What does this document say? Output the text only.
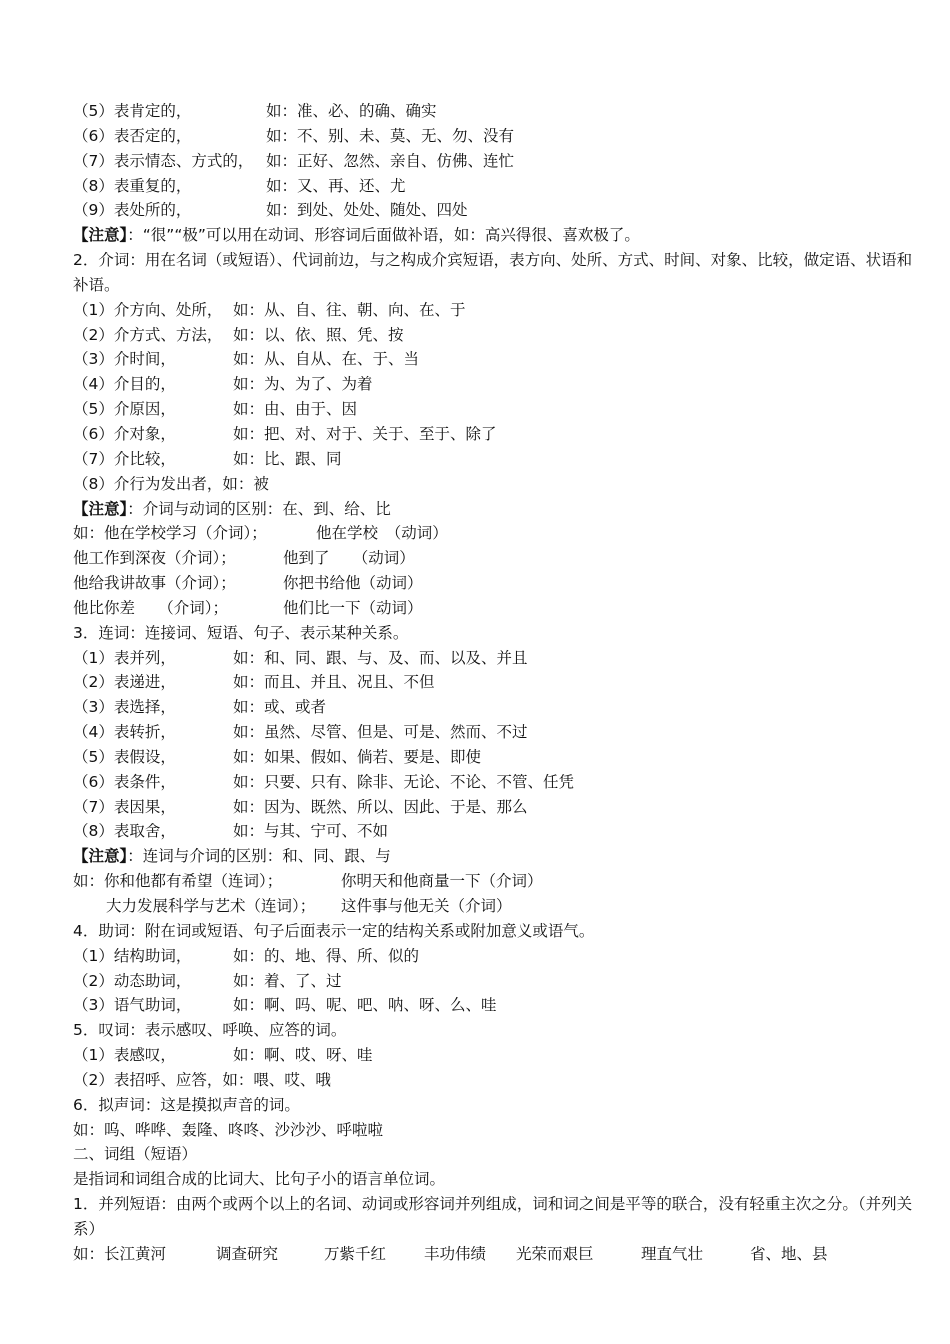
（5）表肯定的，	如：准、必、的确、确实
（6）表否定的，	如：不、别、未、莫、无、勿、没有
（7）表示情态、方式的， 如：正好、忽然、亲自、仿佛、连忙
（8）表重复的，	如：又、再、还、尤
（9）表处所的，	如：到处、处处、随处、四处
【注意】：“很”“极”可以用在动词、形容词后面做补语，如：高兴得很、喜欢极了。
2．介词：用在名词（或短语）、代词前边，与之构成介宾短语，表方向、处所、方式、时间、对象、比较，做定语、状语和补语。
（1）介方向、处所， 如：从、自、往、朝、向、在、于
（2）介方式、方法， 如：以、依、照、凭、按
（3）介时间，	如：从、自从、在、于、当
（4）介目的，	如：为、为了、为着
（5）介原因，	如：由、由于、因
（6）介对象，	如：把、对、对于、关于、至于、除了
（7）介比较，	如：比、跟、同
（8）介行为发出者，如：被
【注意】：介词与动词的区别：在、到、给、比
如：他在学校学习（介词）；	他在学校　（动词）
他工作到深夜（介词）；	他到了　　（动词）
他给我讲故事（介词）；	你把书给他（动词）
他比你差　　（介词）；	他们比一下（动词）
3．连词：连接词、短语、句子、表示某种关系。
（1）表并列，	如：和、同、跟、与、及、而、以及、并且
（2）表递进，	如：而且、并且、况且、不但
（3）表选择，	如：或、或者
（4）表转折，	如：虽然、尽管、但是、可是、然而、不过
（5）表假设，	如：如果、假如、倘若、要是、即使
（6）表条件，	如：只要、只有、除非、无论、不论、不管、任凭
（7）表因果，	如：因为、既然、所以、因此、于是、那么
（8）表取舍，	如：与其、宁可、不如
【注意】：连词与介词的区别：和、同、跟、与
如：你和他都有希望（连词）；	你明天和他商量一下（介词）
大力发展科学与艺术（连词）； 这件事与他无关（介词）
4．助词：附在词或短语、句子后面表示一定的结构关系或附加意义或语气。
（1）结构助词，	如：的、地、得、所、似的
（2）动态助词，	如：着、了、过
（3）语气助词，	如：啊、吗、呢、吧、呐、呀、么、哇
5．叹词：表示感叹、呼唤、应答的词。
（1）表感叹，	如：啊、哎、呀、哇
（2）表招呼、应答，如：喂、哎、哦
6．拟声词：这是摸拟声音的词。
如：呜、哗哗、轰隆、咚咚、沙沙沙、呼啦啦
二、词组（短语）
是指词和词组合成的比词大、比句子小的语言单位词。
1．并列短语：由两个或两个以上的名词、动词或形容词并列组成，词和词之间是平等的联合，没有轻重主次之分。（并列关系）
如：长江黄河	调查研究	万紫千红 丰功伟绩 光荣而艰巨	理直气壮	省、地、县
